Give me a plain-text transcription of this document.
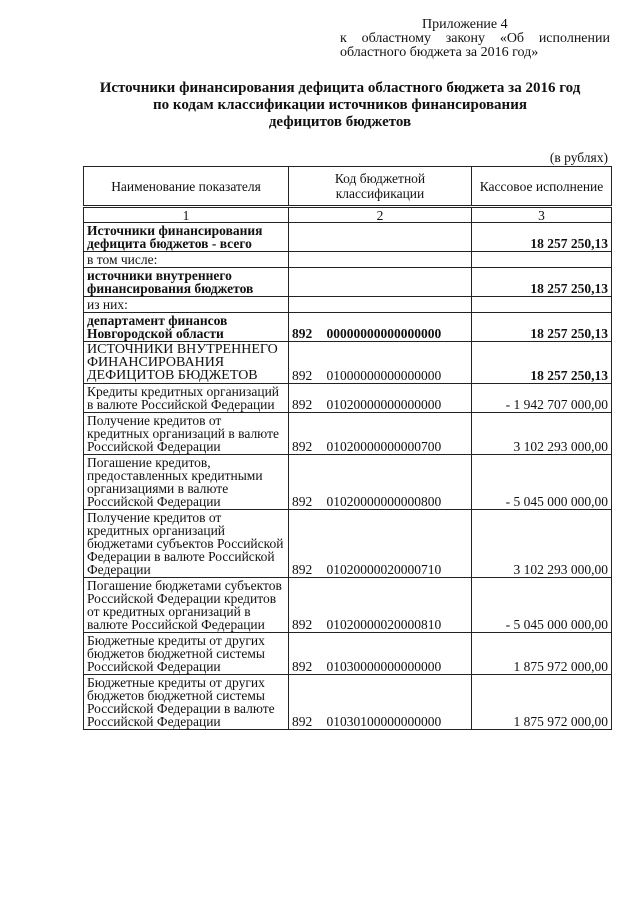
Приложение 4
к областному закону «Об исполнении
областного бюджета за 2016 год»
Источники финансирования дефицита областного бюджета за 2016 год
по кодам классификации источников финансирования
дефицитов бюджетов
(в рублях)
Наименование показателя	Код бюджетной классификации		Кассовое исполнение
1	2		3
Источники финансирования дефицита бюджетов - всего			18 257 250,13
в том числе:			
источники внутреннего финансирования бюджетов			18 257 250,13
из них:			
департамент финансов Новгородской области	892	00000000000000000	18 257 250,13
ИСТОЧНИКИ ВНУТРЕННЕГО ФИНАНСИРОВАНИЯ ДЕФИЦИТОВ БЮДЖЕТОВ	892	01000000000000000	18 257 250,13
Кредиты кредитных организаций в валюте Российской Федерации	892	01020000000000000	- 1 942 707 000,00
Получение кредитов от кредитных организаций в валюте Российской Федерации	892	01020000000000700	3 102 293 000,00
Погашение кредитов, предоставленных кредитными организациями в валюте Российской Федерации	892	01020000000000800	- 5 045 000 000,00
Получение кредитов от кредитных организаций бюджетами субъектов Российской Федерации в валюте Российской Федерации	892	01020000020000710	3 102 293 000,00
Погашение бюджетами субъектов Российской Федерации кредитов от кредитных организаций в валюте Российской Федерации	892	01020000020000810	- 5 045 000 000,00
Бюджетные кредиты от других бюджетов бюджетной системы Российской Федерации	892	01030000000000000	1 875 972 000,00
Бюджетные кредиты от других бюджетов бюджетной системы Российской Федерации в валюте Российской Федерации	892	01030100000000000	1 875 972 000,00
